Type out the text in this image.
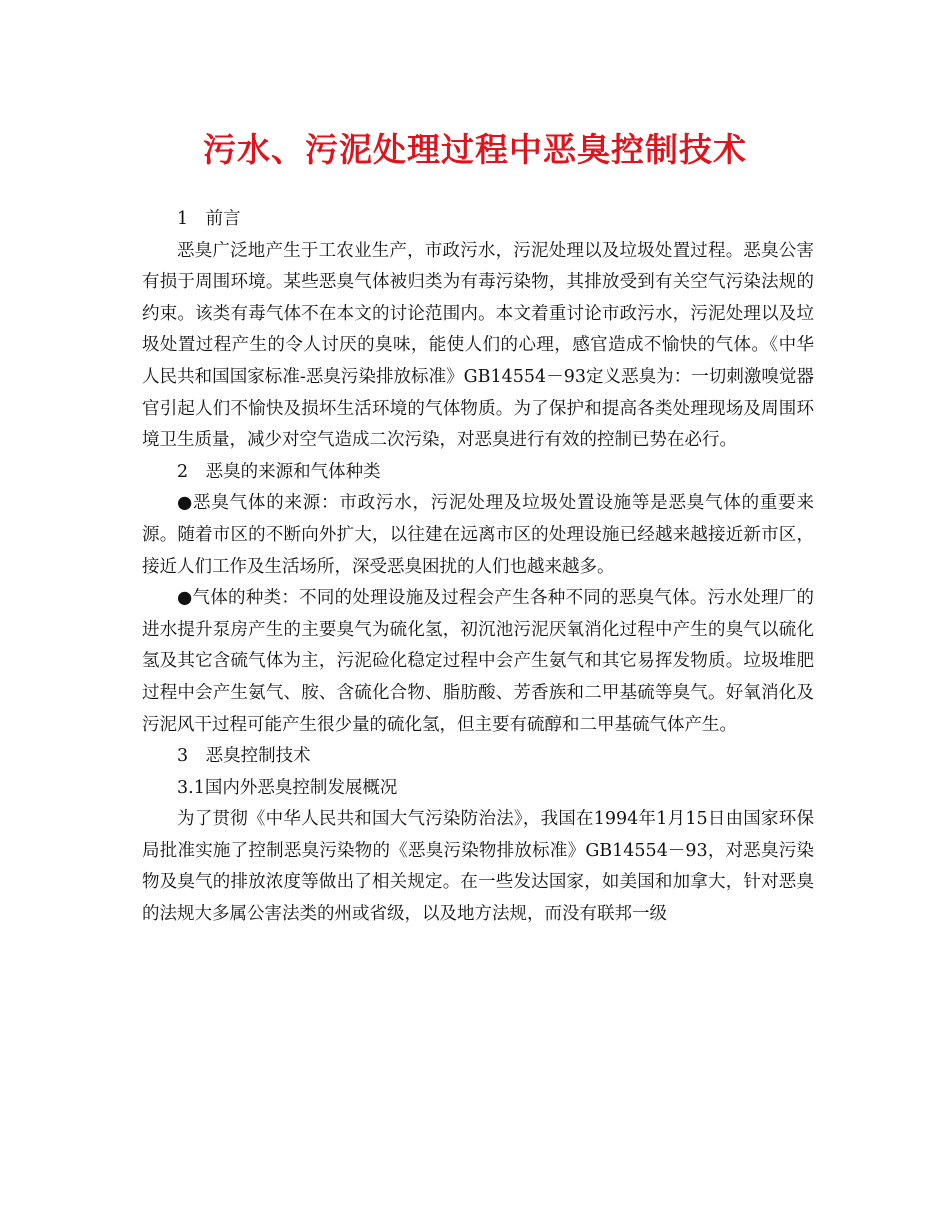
污水、污泥处理过程中恶臭控制技术

1　前言

恶臭广泛地产生于工农业生产，市政污水，污泥处理以及垃圾处置过程。恶臭公害有损于周围环境。某些恶臭气体被归类为有毒污染物，其排放受到有关空气污染法规的约束。该类有毒气体不在本文的讨论范围内。本文着重讨论市政污水，污泥处理以及垃圾处置过程产生的令人讨厌的臭味，能使人们的心理，感官造成不愉快的气体。《中华人民共和国国家标准-恶臭污染排放标准》GB14554－93定义恶臭为：一切刺激嗅觉器官引起人们不愉快及损坏生活环境的气体物质。为了保护和提高各类处理现场及周围环境卫生质量，减少对空气造成二次污染，对恶臭进行有效的控制已势在必行。

2　恶臭的来源和气体种类

●恶臭气体的来源：市政污水，污泥处理及垃圾处置设施等是恶臭气体的重要来源。随着市区的不断向外扩大，以往建在远离市区的处理设施已经越来越接近新市区，接近人们工作及生活场所，深受恶臭困扰的人们也越来越多。

●气体的种类：不同的处理设施及过程会产生各种不同的恶臭气体。污水处理厂的进水提升泵房产生的主要臭气为硫化氢，初沉池污泥厌氧消化过程中产生的臭气以硫化氢及其它含硫气体为主，污泥硷化稳定过程中会产生氨气和其它易挥发物质。垃圾堆肥过程中会产生氨气、胺、含硫化合物、脂肪酸、芳香族和二甲基硫等臭气。好氧消化及污泥风干过程可能产生很少量的硫化氢，但主要有硫醇和二甲基硫气体产生。

3　恶臭控制技术

3.1国内外恶臭控制发展概况

为了贯彻《中华人民共和国大气污染防治法》，我国在1994年1月15日由国家环保局批准实施了控制恶臭污染物的《恶臭污染物排放标准》GB14554－93，对恶臭污染物及臭气的排放浓度等做出了相关规定。在一些发达国家，如美国和加拿大，针对恶臭的法规大多属公害法类的州或省级，以及地方法规，而没有联邦一级
